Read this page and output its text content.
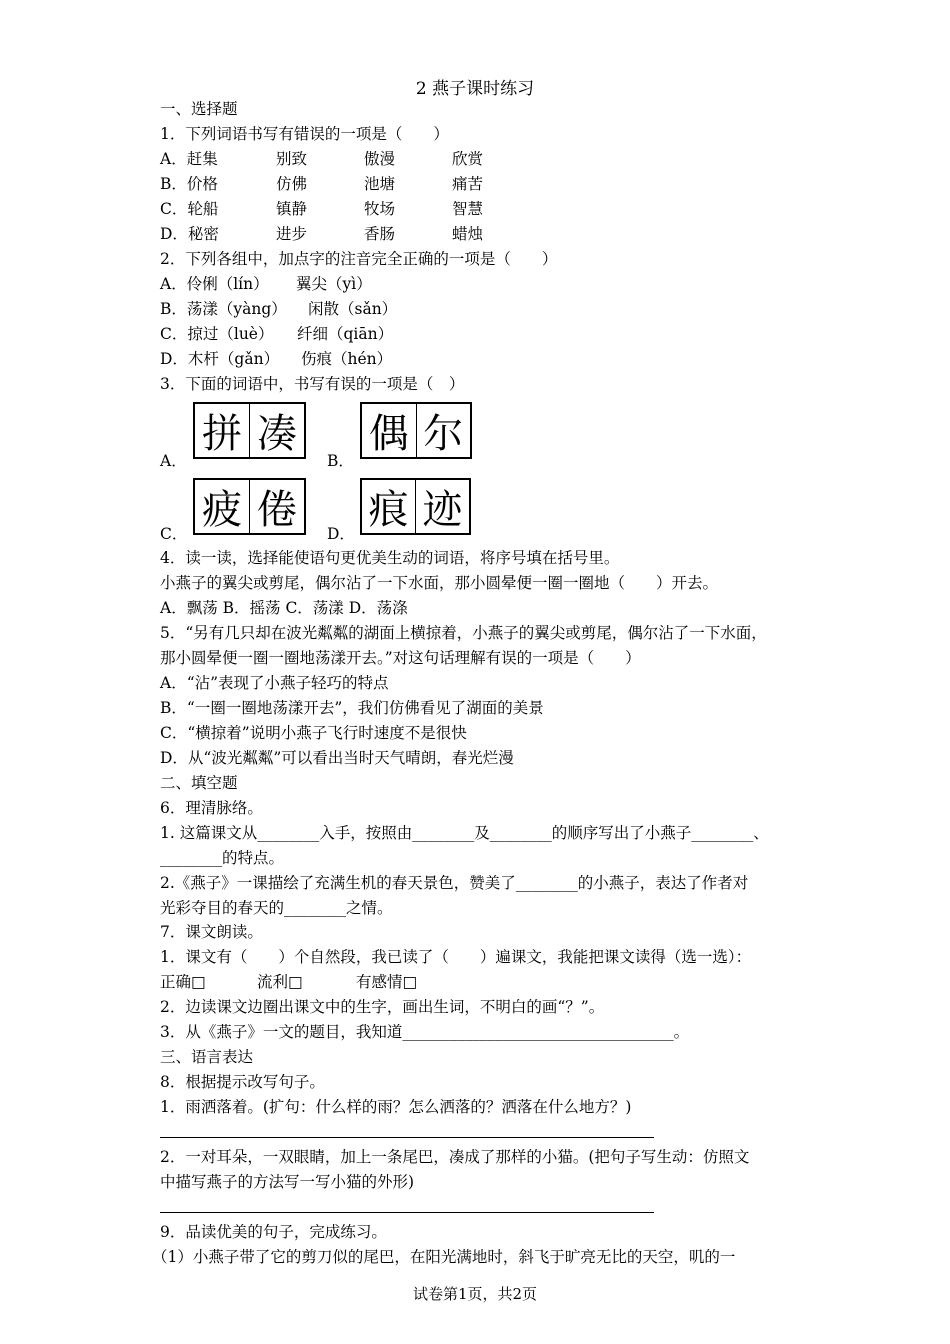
2 燕子课时练习
一、选择题
1．下列词语书写有错误的一项是（　　）
A．赶集	别致	傲漫	欣赏
B．价格	仿佛	池塘	痛苦
C．轮船	镇静	牧场	智慧
D．秘密	进步	香肠	蜡烛
2．下列各组中，加点字的注音完全正确的一项是（　　）
A．伶俐（lín） 翼尖（yì）
B．荡漾（yàng） 闲散（sǎn）
C．掠过（luè） 纤细（qiān）
D．木杆（gǎn） 伤痕（hén）
3．下面的词语中，书写有误的一项是（　）
A．
拼 凑
B．
偶 尔
C．
疲 倦
D．
痕 迹
4．读一读，选择能使语句更优美生动的词语，将序号填在括号里。
小燕子的翼尖或剪尾，偶尔沾了一下水面，那小圆晕便一圈一圈地（　　）开去。
A．飘荡 B．摇荡 C．荡漾 D．荡涤
5．“另有几只却在波光粼粼的湖面上横掠着，小燕子的翼尖或剪尾，偶尔沾了一下水面，
那小圆晕便一圈一圈地荡漾开去。”对这句话理解有误的一项是（　　）
A．“沾”表现了小燕子轻巧的特点
B．“一圈一圈地荡漾开去”，我们仿佛看见了湖面的美景
C．“横掠着”说明小燕子飞行时速度不是很快
D．从“波光粼粼”可以看出当时天气晴朗，春光烂漫
二、填空题
6．理清脉络。
1. 这篇课文从________入手，按照由________及________的顺序写出了小燕子________、
________的特点。
2.《燕子》一课描绘了充满生机的春天景色，赞美了________的小燕子，表达了作者对
光彩夺目的春天的________之情。
7．课文朗读。
1．课文有（　　）个自然段，我已读了（　　）遍课文，我能把课文读得（选一选）：
正确□	流利□	有感情□
2．边读课文边圈出课文中的生字，画出生词，不明白的画“？”。
3．从《燕子》一文的题目，我知道___________________________________。
三、语言表达
8．根据提示改写句子。
1．雨洒落着。(扩句：什么样的雨？怎么洒落的？洒落在什么地方？)
2．一对耳朵，一双眼睛，加上一条尾巴，凑成了那样的小猫。(把句子写生动：仿照文
中描写燕子的方法写一写小猫的外形)
9．品读优美的句子，完成练习。
（1）小燕子带了它的剪刀似的尾巴，在阳光满地时，斜飞于旷亮无比的天空，叽的一
试卷第1页，共2页
